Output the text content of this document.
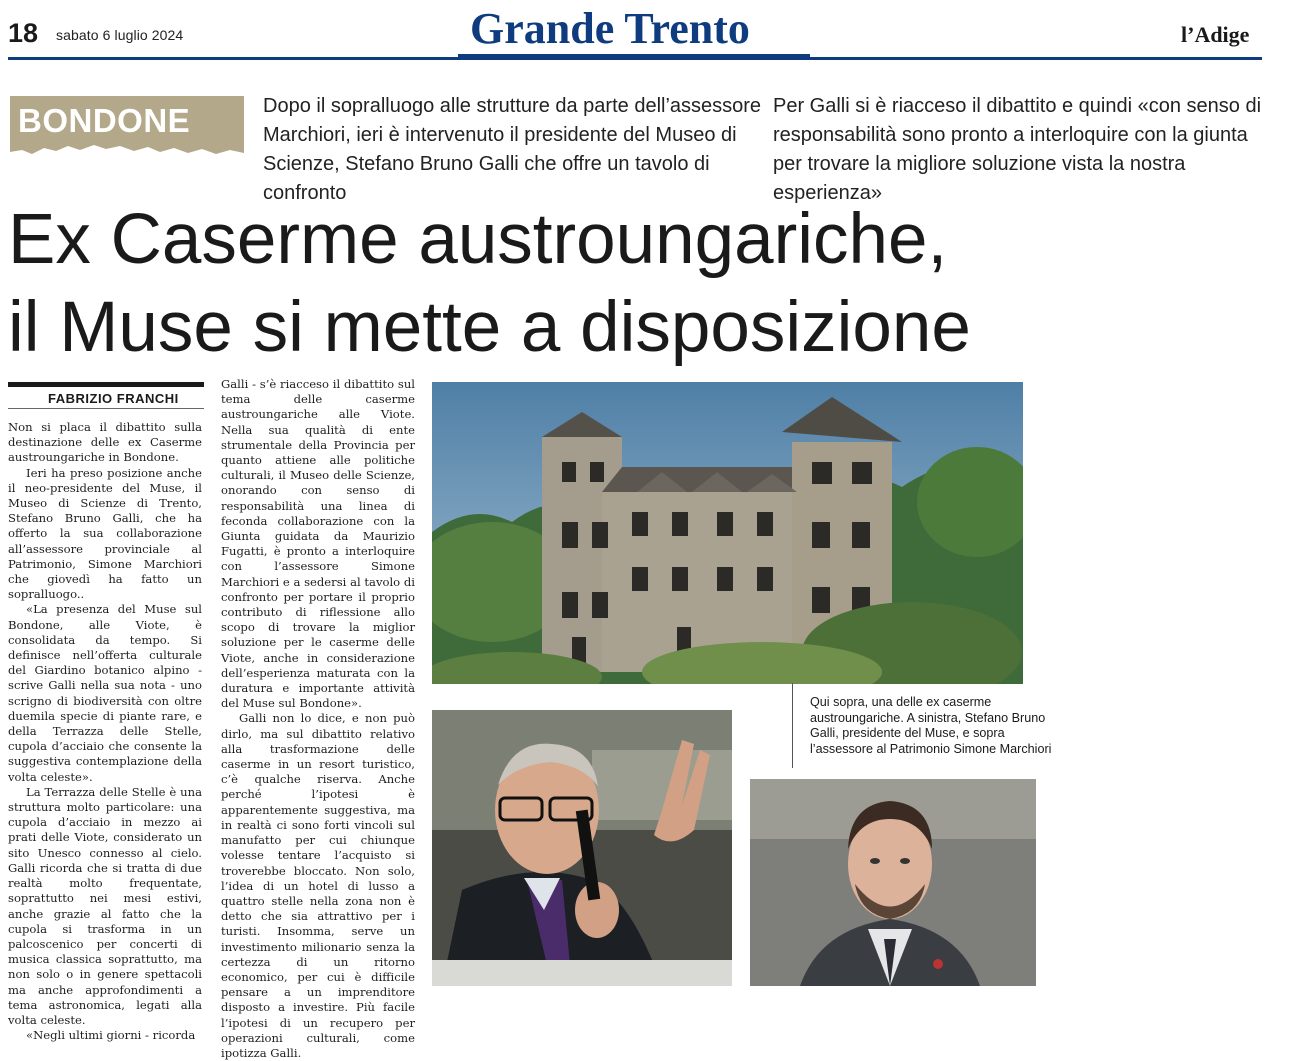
18 sabato 6 luglio 2024	Grande Trento	l’Adige
BONDONE	Dopo il sopralluogo alle strutture da parte dell’assessore Marchiori, ieri è intervenuto il presidente del Museo di Scienze, Stefano Bruno Galli che offre un tavolo di confronto
Per Galli si è riacceso il dibattito e quindi «con senso di responsabilità sono pronto a interloquire con la giunta per trovare la migliore soluzione vista la nostra esperienza»
Ex Caserme austroungariche,
il Muse si mette a disposizione
FABRIZIO FRANCHI

Non si placa il dibattito sulla destinazione delle ex Caserme austroungariche in Bondone.

Ieri ha preso posizione anche il neo-presidente del Muse, il Museo di Scienze di Trento, Stefano Bruno Galli, che ha offerto la sua collaborazione all’assessore provinciale al Patrimonio, Simone Marchiori che giovedì ha fatto un sopralluogo..

«La presenza del Muse sul Bondone, alle Viote, è consolidata da tempo. Si definisce nell’offerta culturale del Giardino botanico alpino - scrive Galli nella sua nota - uno scrigno di biodiversità con oltre duemila specie di piante rare, e della Terrazza delle Stelle, cupola d’acciaio che consente la suggestiva contemplazione della volta celeste».

La Terrazza delle Stelle è una struttura molto particolare: una cupola d’acciaio in mezzo ai prati delle Viote, considerato un sito Unesco connesso al cielo. Galli ricorda che si tratta di due realtà molto frequentate, soprattutto nei mesi estivi, anche grazie al fatto che la cupola si trasforma in un palcoscenico per concerti di musica classica soprattutto, ma non solo o in genere spettacoli ma anche approfondimenti a tema astronomica, legati alla volta celeste.

«Negli ultimi giorni - ricorda

Galli - s’è riacceso il dibattito sul tema delle caserme austroungariche alle Viote. Nella sua qualità di ente strumentale della Provincia per quanto attiene alle politiche culturali, il Museo delle Scienze, onorando con senso di responsabilità una linea di feconda collaborazione con la Giunta guidata da Maurizio Fugatti, è pronto a interloquire con l’assessore Simone Marchiori e a sedersi al tavolo di confronto per portare il proprio contributo di riflessione allo scopo di trovare la miglior soluzione per le caserme delle Viote, anche in considerazione dell’esperienza maturata con la duratura e importante attività del Muse sul Bondone».

Galli non lo dice, e non può dirlo, ma sul dibattito relativo alla trasformazione delle caserme in un resort turistico, c’è qualche riserva. Anche perché l’ipotesi è apparentemente suggestiva, ma in realtà ci sono forti vincoli sul manufatto per cui chiunque volesse tentare l’acquisto si troverebbe bloccato. Non solo, l’idea di un hotel di lusso a quattro stelle nella zona non è detto che sia attrattivo per i turisti. Insomma, serve un investimento milionario senza la certezza di un ritorno economico, per cui è difficile pensare a un imprenditore disposto a investire. Più facile l’ipotesi di un recupero per operazioni culturali, come ipotizza Galli.

Qui sopra, una delle ex caserme austroungariche. A sinistra, Stefano Bruno Galli, presidente del Muse, e sopra l’assessore al Patrimonio Simone Marchiori
